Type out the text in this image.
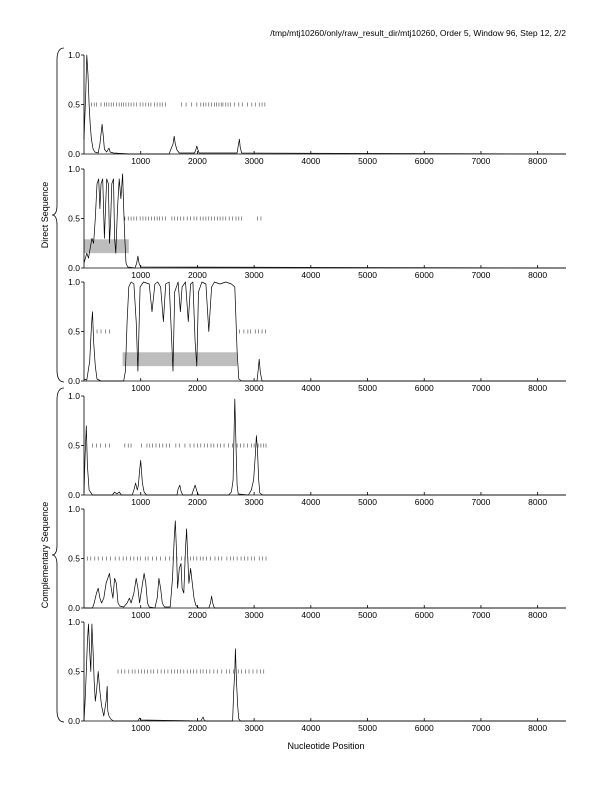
/tmp/mtj10260/only/raw_result_dir/mtj10260, Order 5, Window 96, Step 12, 2/2
Direct Sequence
Complementary Sequence
0.0
0.5
1.0
1000	2000	3000	4000	5000	6000	7000	8000
0.0
0.5
1.0
1000	2000	3000	4000	5000	6000	7000	8000
0.0
0.5
1.0
1000	2000	3000	4000	5000	6000	7000	8000
0.0
0.5
1.0
1000	2000	3000	4000	5000	6000	7000	8000
0.0
0.5
1.0
1000	2000	3000	4000	5000	6000	7000	8000
0.0
0.5
1.0
1000	2000	3000	4000	5000	6000	7000	8000
Nucleotide Position
